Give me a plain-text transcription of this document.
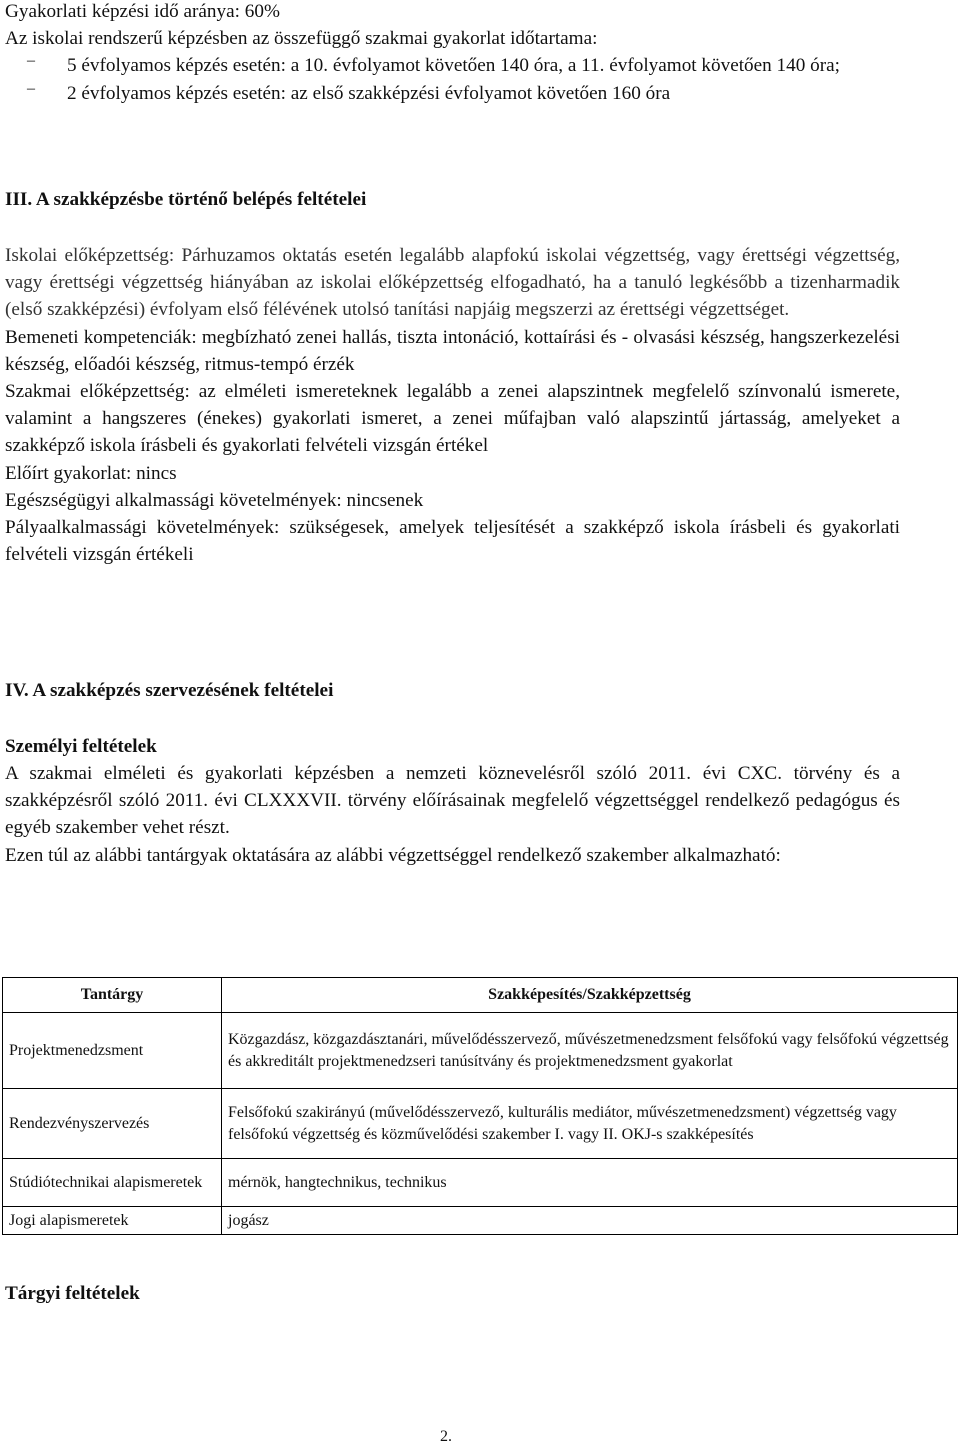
Gyakorlati képzési idő aránya: 60%

Az iskolai rendszerű képzésben az összefüggő szakmai gyakorlat időtartama:

–	5 évfolyamos képzés esetén: a 10. évfolyamot követően 140 óra, a 11. évfolyamot követően 140 óra;

–	2 évfolyamos képzés esetén: az első szakképzési évfolyamot követően 160 óra

III. A szakképzésbe történő belépés feltételei

Iskolai előképzettség: Párhuzamos oktatás esetén legalább alapfokú iskolai végzettség, vagy érettségi végzettség, vagy érettségi végzettség hiányában az iskolai előképzettség elfogadható, ha a tanuló legkésőbb a tizenharmadik (első szakképzési) évfolyam első félévének utolsó tanítási napjáig megszerzi az érettségi végzettséget.

Bemeneti kompetenciák: megbízható zenei hallás, tiszta intonáció, kottaírási és - olvasási készség, hangszerkezelési készség, előadói készség, ritmus-tempó érzék

Szakmai előképzettség: az elméleti ismereteknek legalább a zenei alapszintnek megfelelő színvonalú ismerete, valamint a hangszeres (énekes) gyakorlati ismeret, a zenei műfajban való alapszintű jártasság, amelyeket a szakképző iskola írásbeli és gyakorlati felvételi vizsgán értékel

Előírt gyakorlat: nincs

Egészségügyi alkalmassági követelmények: nincsenek

Pályaalkalmassági követelmények: szükségesek, amelyek teljesítését a szakképző iskola írásbeli és gyakorlati felvételi vizsgán értékeli

IV. A szakképzés szervezésének feltételei
Személyi feltételek

A szakmai elméleti és gyakorlati képzésben a nemzeti köznevelésről szóló 2011. évi CXC. törvény és a szakképzésről szóló 2011. évi CLXXXVII. törvény előírásainak megfelelő végzettséggel rendelkező pedagógus és egyéb szakember vehet részt.

Ezen túl az alábbi tantárgyak oktatására az alábbi végzettséggel rendelkező szakember alkalmazható:

Tárgyi feltételek
Tantárgy	Szakképesítés/Szakképzettség
Projektmenedzsment	Közgazdász, közgazdásztanári, művelődésszervező, művészetmenedzsment felsőfokú vagy felsőfokú végzettség és akkreditált projektmenedzseri tanúsítvány és projektmenedzsment gyakorlat
Rendezvényszervezés	Felsőfokú szakirányú (művelődésszervező, kulturális mediátor, művészetmenedzsment) végzettség vagy felsőfokú végzettség és közművelődési szakember I. vagy II. OKJ-s szakképesítés
Stúdiótechnikai alapismeretek	mérnök, hangtechnikus, technikus
Jogi alapismeretek	jogász
2.
